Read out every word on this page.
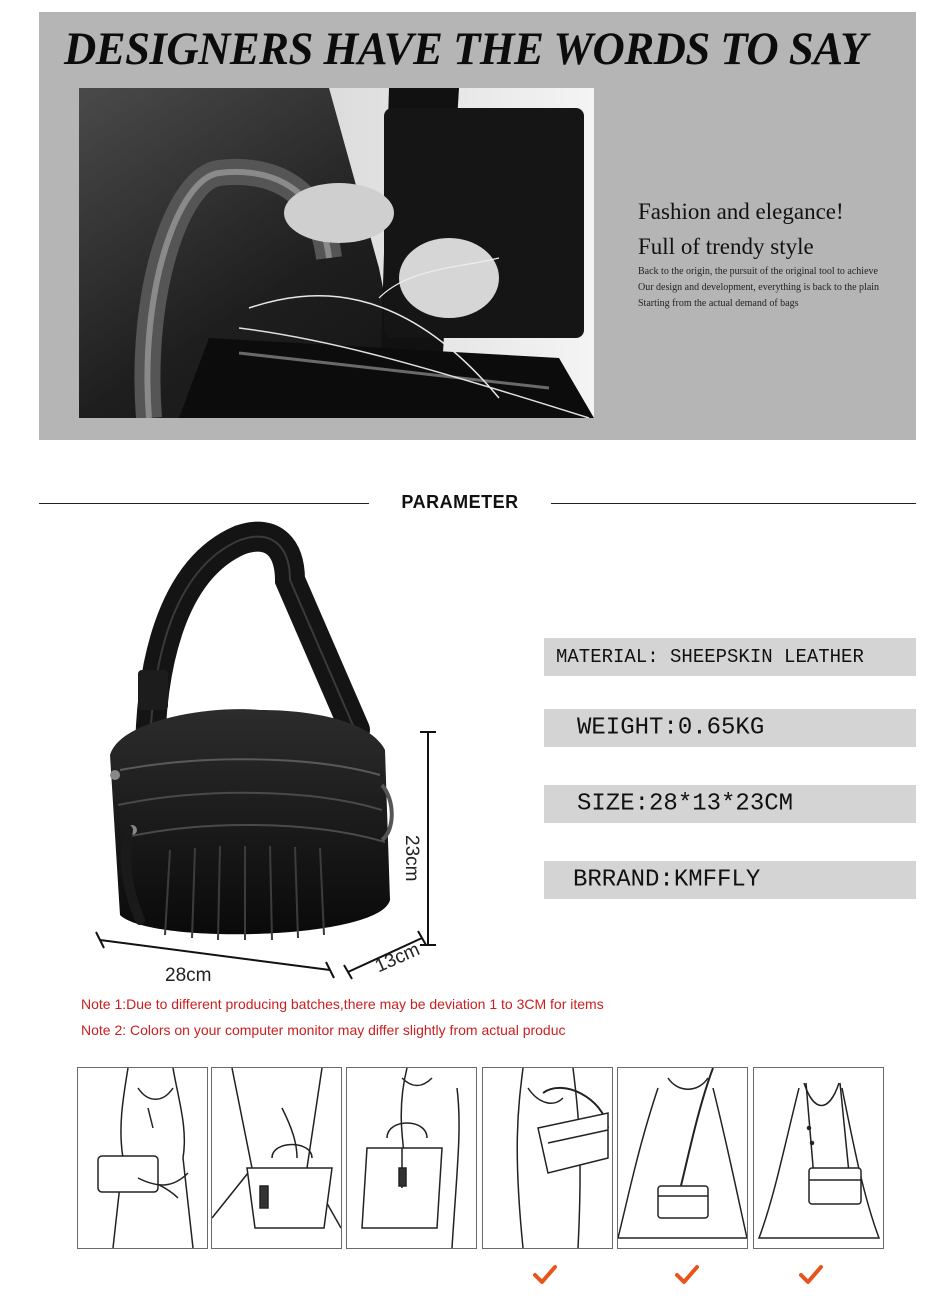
DESIGNERS HAVE THE WORDS TO SAY
Fashion and elegance!
Full of trendy style
Back to the origin, the pursuit of the original tool to achieve
Our design and development, everything is back to the plain
Starting from the actual demand of bags
PARAMETER
23cm
28cm	13cm
MATERIAL: SHEEPSKIN LEATHER
WEIGHT:0.65KG
SIZE:28*13*23CM
BRRAND:KMFFLY
Note 1:Due to different producing batches,there may be deviation 1 to 3CM for items
Note 2: Colors on your computer monitor may differ slightly from actual produc
